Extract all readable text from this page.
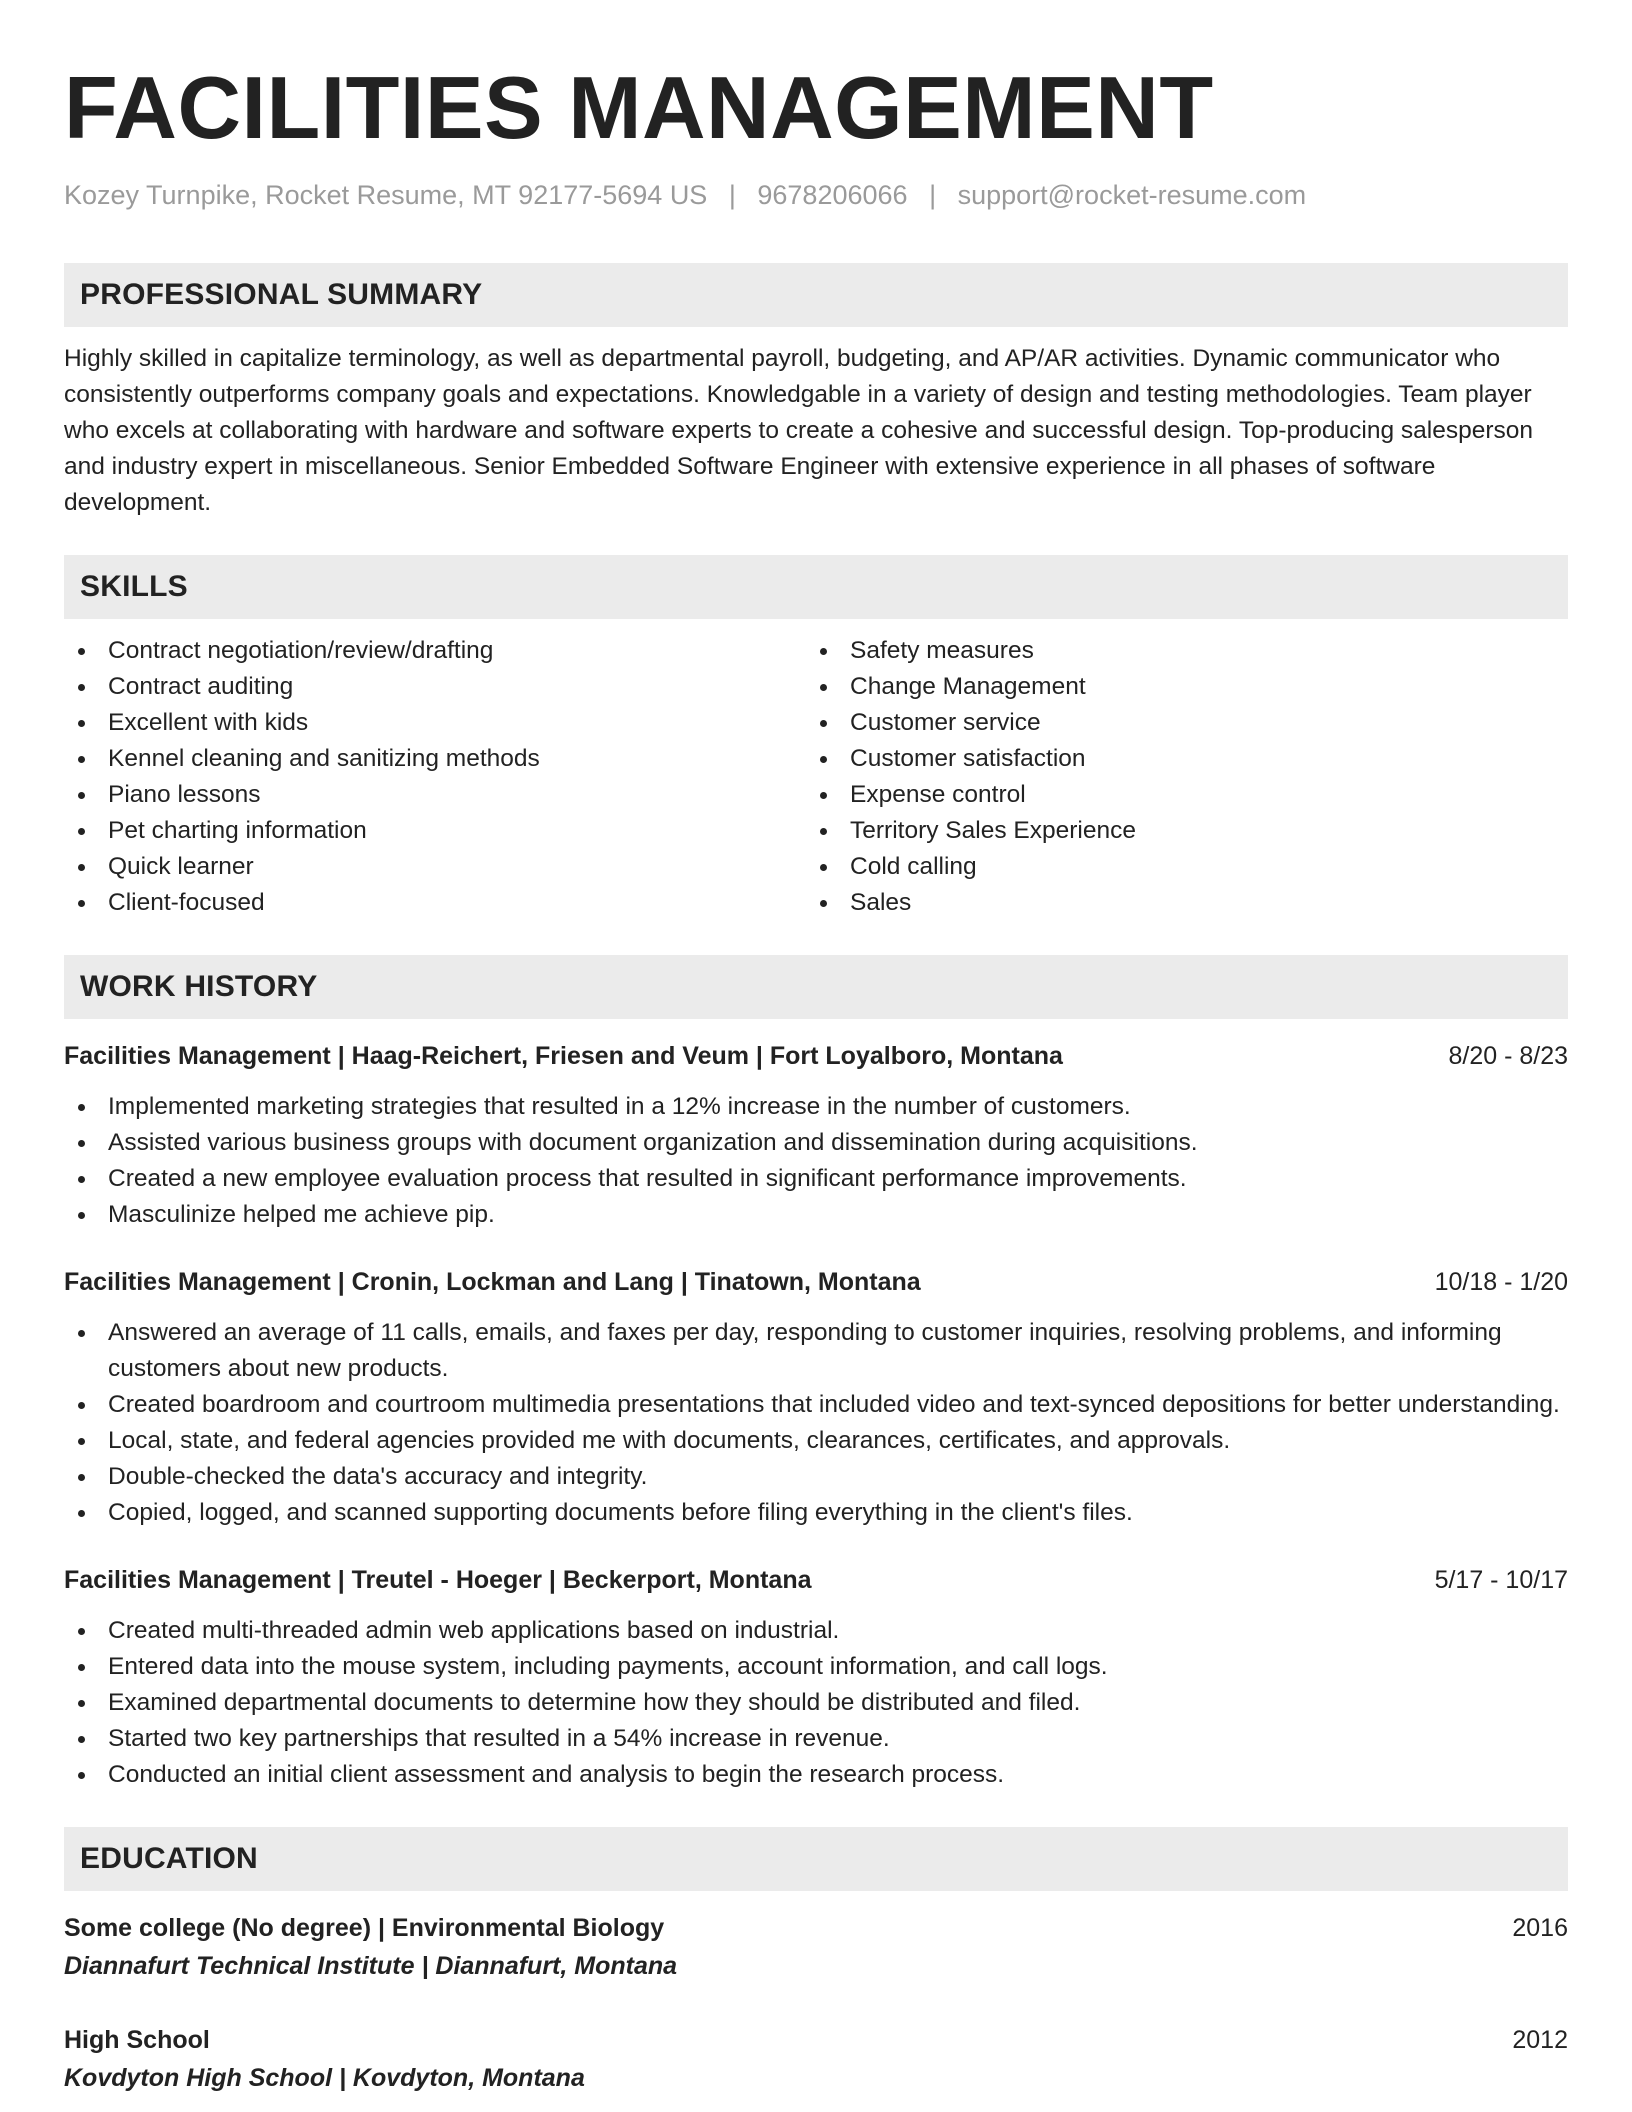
FACILITIES MANAGEMENT
Kozey Turnpike, Rocket Resume, MT 92177-5694 US | 9678206066 | support@rocket-resume.com
PROFESSIONAL SUMMARY
Highly skilled in capitalize terminology, as well as departmental payroll, budgeting, and AP/AR activities. Dynamic communicator who consistently outperforms company goals and expectations. Knowledgable in a variety of design and testing methodologies. Team player who excels at collaborating with hardware and software experts to create a cohesive and successful design. Top-producing salesperson and industry expert in miscellaneous. Senior Embedded Software Engineer with extensive experience in all phases of software development.
SKILLS
Contract negotiation/review/drafting
Contract auditing
Excellent with kids
Kennel cleaning and sanitizing methods
Piano lessons
Pet charting information
Quick learner
Client-focused
Safety measures
Change Management
Customer service
Customer satisfaction
Expense control
Territory Sales Experience
Cold calling
Sales
WORK HISTORY
Facilities Management | Haag-Reichert, Friesen and Veum | Fort Loyalboro, Montana	8/20 - 8/23
Implemented marketing strategies that resulted in a 12% increase in the number of customers.
Assisted various business groups with document organization and dissemination during acquisitions.
Created a new employee evaluation process that resulted in significant performance improvements.
Masculinize helped me achieve pip.
Facilities Management | Cronin, Lockman and Lang | Tinatown, Montana	10/18 - 1/20
Answered an average of 11 calls, emails, and faxes per day, responding to customer inquiries, resolving problems, and informing customers about new products.
Created boardroom and courtroom multimedia presentations that included video and text-synced depositions for better understanding.
Local, state, and federal agencies provided me with documents, clearances, certificates, and approvals.
Double-checked the data's accuracy and integrity.
Copied, logged, and scanned supporting documents before filing everything in the client's files.
Facilities Management | Treutel - Hoeger | Beckerport, Montana	5/17 - 10/17
Created multi-threaded admin web applications based on industrial.
Entered data into the mouse system, including payments, account information, and call logs.
Examined departmental documents to determine how they should be distributed and filed.
Started two key partnerships that resulted in a 54% increase in revenue.
Conducted an initial client assessment and analysis to begin the research process.
EDUCATION
Some college (No degree) | Environmental Biology	2016
Diannafurt Technical Institute | Diannafurt, Montana
High School	2012
Kovdyton High School | Kovdyton, Montana
